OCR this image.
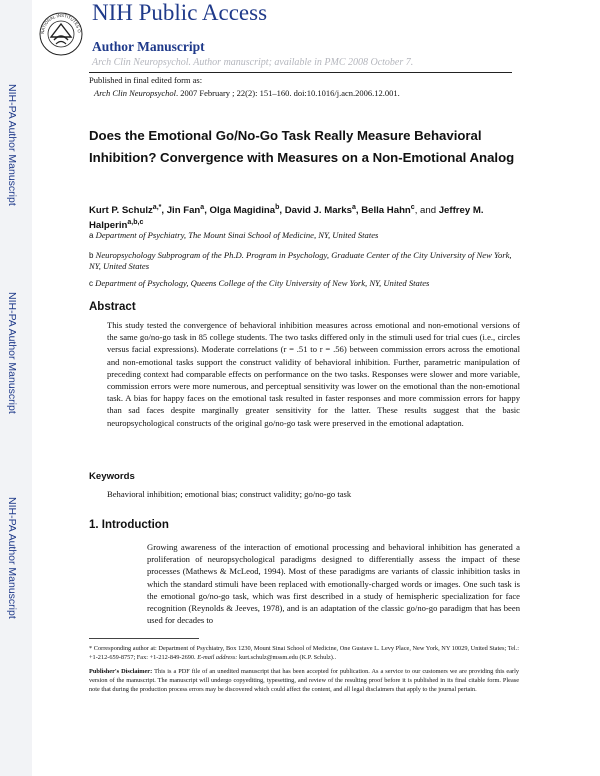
NIH-PA Author Manuscript
NIH-PA Author Manuscript
NIH-PA Author Manuscript
NATIONAL INSTITUTES O
NIH Public Access
Author Manuscript
Arch Clin Neuropsychol. Author manuscript; available in PMC 2008 October 7.
Published in final edited form as:
Arch Clin Neuropsychol. 2007 February ; 22(2): 151–160. doi:10.1016/j.acn.2006.12.001.
Does the Emotional Go/No-Go Task Really Measure Behavioral Inhibition? Convergence with Measures on a Non-Emotional Analog
Kurt P. Schulz$^{a,*}$, Jin Fan$^a$, Olga Magidina$^b$, David J. Marks$^a$, Bella Hahn$^c$, and Jeffrey M. Halperin$^{a,b,c}$
a Department of Psychiatry, The Mount Sinai School of Medicine, NY, United States
b Neuropsychology Subprogram of the Ph.D. Program in Psychology, Graduate Center of the City University of New York, NY, United States
c Department of Psychology, Queens College of the City University of New York, NY, United States
Abstract
This study tested the convergence of behavioral inhibition measures across emotional and non-emotional versions of the same go/no-go task in 85 college students. The two tasks differed only in the stimuli used for trial cues (i.e., circles versus facial expressions). Moderate correlations (r = .51 to r = .56) between commission errors across the emotional and non-emotional tasks support the construct validity of behavioral inhibition. Further, parametric manipulation of preceding context had comparable effects on performance on the two tasks. Responses were slower and more variable, commission errors were more numerous, and perceptual sensitivity was lower on the emotional than the non-emotional task. A bias for happy faces on the emotional task resulted in faster responses and more commission errors for happy than sad faces despite marginally greater sensitivity for the latter. These results suggest that the basic neuropsychological constructs of the original go/no-go task were preserved in the emotional adaptation.
Keywords
Behavioral inhibition; emotional bias; construct validity; go/no-go task
1. Introduction
Growing awareness of the interaction of emotional processing and behavioral inhibition has generated a proliferation of neuropsychological paradigms designed to differentially assess the impact of these processes (Mathews & McLeod, 1994). Most of these paradigms are variants of classic inhibition tasks in which the standard stimuli have been replaced with emotionally-charged words or images. One such task is the emotional go/no-go task, which was first described in a study of hemispheric specialization for face recognition (Reynolds & Jeeves, 1978), and is an adaptation of the classic go/no-go paradigm that has been used for decades to
* Corresponding author at: Department of Psychiatry, Box 1230, Mount Sinai School of Medicine, One Gustave L. Levy Place, New York, NY 10029, United States; Tel.: +1-212-659-8757; Fax: +1-212-849-2690. E-mail address: kurt.schulz@mssm.edu (K.P. Schulz)..
Publisher's Disclaimer: This is a PDF file of an unedited manuscript that has been accepted for publication. As a service to our customers we are providing this early version of the manuscript. The manuscript will undergo copyediting, typesetting, and review of the resulting proof before it is published in its final citable form. Please note that during the production process errors may be discovered which could affect the content, and all legal disclaimers that apply to the journal pertain.
